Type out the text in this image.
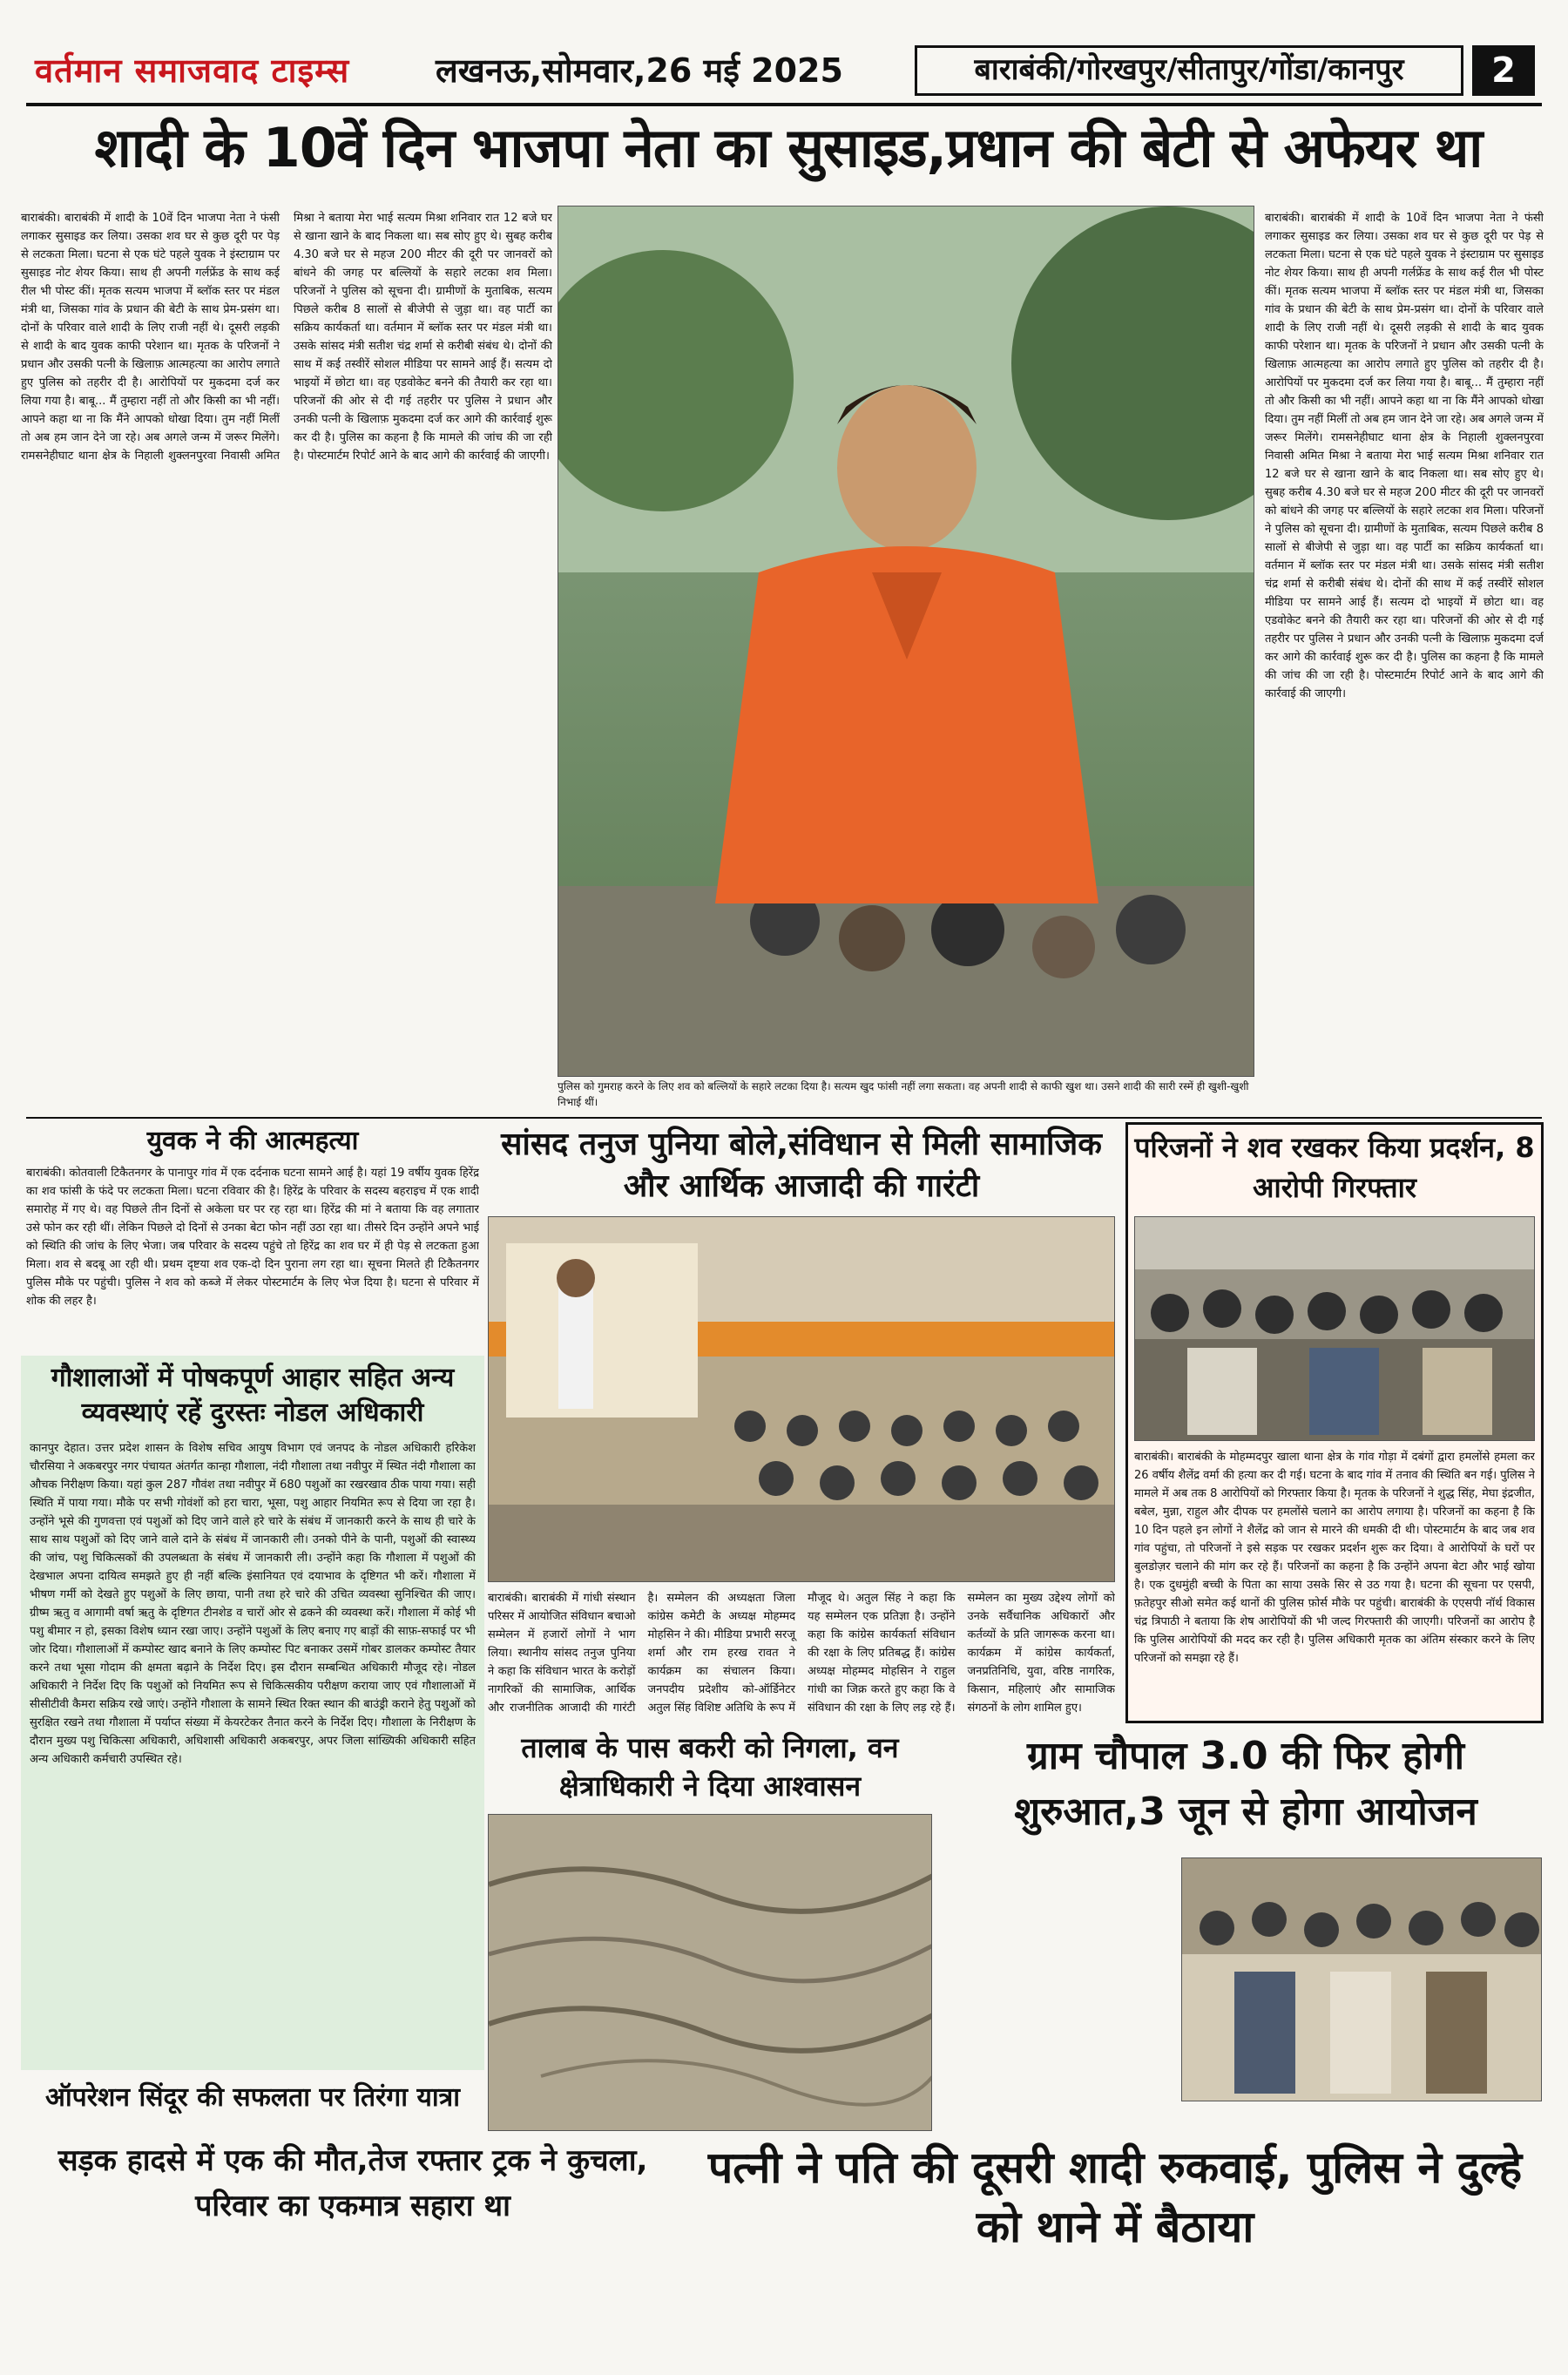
वर्तमान समाजवाद टाइम्स	लखनऊ,सोमवार,26 मई 2025	बाराबंकी/गोरखपुर/सीतापुर/गोंडा/कानपुर	2
शादी के 10वें दिन भाजपा नेता का सुसाइड,प्रधान की बेटी से अफेयर था
बाराबंकी। बाराबंकी में शादी के 10वें दिन भाजपा नेता ने फंसी लगाकर सुसाइड कर लिया। उसका शव घर से कुछ दूरी पर पेड़ से लटकता मिला। घटना से एक घंटे पहले युवक ने इंस्टाग्राम पर सुसाइड नोट शेयर किया। साथ ही अपनी गर्लफ्रेंड के साथ कई रील भी पोस्ट कीं। मृतक सत्यम भाजपा में ब्लॉक स्तर पर मंडल मंत्री था, जिसका गांव के प्रधान की बेटी के साथ प्रेम-प्रसंग था। दोनों के परिवार वाले शादी के लिए राजी नहीं थे। दूसरी लड़की से शादी के बाद युवक काफी परेशान था। मृतक के परिजनों ने प्रधान और उसकी पत्नी के खिलाफ़ आत्महत्या का आरोप लगाते हुए पुलिस को तहरीर दी है। आरोपियों पर मुकदमा दर्ज कर लिया गया है। बाबू... मैं तुम्हारा नहीं तो और किसी का भी नहीं। आपने कहा था ना कि मैंने आपको धोखा दिया। तुम नहीं मिलीं तो अब हम जान देने जा रहे। अब अगले जन्म में जरूर मिलेंगे। रामसनेहीघाट थाना क्षेत्र के निहाली शुक्लनपुरवा निवासी अमित मिश्रा ने बताया मेरा भाई सत्यम मिश्रा शनिवार रात 12 बजे घर से खाना खाने के बाद निकला था। सब सोए हुए थे। सुबह करीब 4.30 बजे घर से महज 200 मीटर की दूरी पर जानवरों को बांधने की जगह पर बल्लियों के सहारे लटका शव मिला। परिजनों ने पुलिस को सूचना दी। ग्रामीणों के मुताबिक, सत्यम पिछले करीब 8 सालों से बीजेपी से जुड़ा था। वह पार्टी का सक्रिय कार्यकर्ता था। वर्तमान में ब्लॉक स्तर पर मंडल मंत्री था। उसके सांसद मंत्री सतीश चंद्र शर्मा से करीबी संबंध थे। दोनों की साथ में कई तस्वीरें सोशल मीडिया पर सामने आई हैं। सत्यम दो भाइयों में छोटा था। वह एडवोकेट बनने की तैयारी कर रहा था। परिजनों की ओर से दी गई तहरीर पर पुलिस ने प्रधान और उनकी पत्नी के खिलाफ़ मुकदमा दर्ज कर आगे की कार्रवाई शुरू कर दी है। पुलिस का कहना है कि मामले की जांच की जा रही है। पोस्टमार्टम रिपोर्ट आने के बाद आगे की कार्रवाई की जाएगी।
पुलिस को गुमराह करने के लिए शव को बल्लियों के सहारे लटका दिया है। सत्यम खुद फांसी नहीं लगा सकता। वह अपनी शादी से काफी खुश था। उसने शादी की सारी रस्में ही खुशी-खुशी निभाई थीं।
बाराबंकी। बाराबंकी में शादी के 10वें दिन भाजपा नेता ने फंसी लगाकर सुसाइड कर लिया। उसका शव घर से कुछ दूरी पर पेड़ से लटकता मिला। घटना से एक घंटे पहले युवक ने इंस्टाग्राम पर सुसाइड नोट शेयर किया। साथ ही अपनी गर्लफ्रेंड के साथ कई रील भी पोस्ट कीं। मृतक सत्यम भाजपा में ब्लॉक स्तर पर मंडल मंत्री था, जिसका गांव के प्रधान की बेटी के साथ प्रेम-प्रसंग था। दोनों के परिवार वाले शादी के लिए राजी नहीं थे। दूसरी लड़की से शादी के बाद युवक काफी परेशान था। मृतक के परिजनों ने प्रधान और उसकी पत्नी के खिलाफ़ आत्महत्या का आरोप लगाते हुए पुलिस को तहरीर दी है। आरोपियों पर मुकदमा दर्ज कर लिया गया है। बाबू... मैं तुम्हारा नहीं तो और किसी का भी नहीं। आपने कहा था ना कि मैंने आपको धोखा दिया। तुम नहीं मिलीं तो अब हम जान देने जा रहे। अब अगले जन्म में जरूर मिलेंगे। रामसनेहीघाट थाना क्षेत्र के निहाली शुक्लनपुरवा निवासी अमित मिश्रा ने बताया मेरा भाई सत्यम मिश्रा शनिवार रात 12 बजे घर से खाना खाने के बाद निकला था। सब सोए हुए थे। सुबह करीब 4.30 बजे घर से महज 200 मीटर की दूरी पर जानवरों को बांधने की जगह पर बल्लियों के सहारे लटका शव मिला। परिजनों ने पुलिस को सूचना दी। ग्रामीणों के मुताबिक, सत्यम पिछले करीब 8 सालों से बीजेपी से जुड़ा था। वह पार्टी का सक्रिय कार्यकर्ता था। वर्तमान में ब्लॉक स्तर पर मंडल मंत्री था। उसके सांसद मंत्री सतीश चंद्र शर्मा से करीबी संबंध थे। दोनों की साथ में कई तस्वीरें सोशल मीडिया पर सामने आई हैं। सत्यम दो भाइयों में छोटा था। वह एडवोकेट बनने की तैयारी कर रहा था। परिजनों की ओर से दी गई तहरीर पर पुलिस ने प्रधान और उनकी पत्नी के खिलाफ़ मुकदमा दर्ज कर आगे की कार्रवाई शुरू कर दी है। पुलिस का कहना है कि मामले की जांच की जा रही है। पोस्टमार्टम रिपोर्ट आने के बाद आगे की कार्रवाई की जाएगी।
युवक ने की आत्महत्या
बाराबंकी। कोतवाली टिकैतनगर के पानापुर गांव में एक दर्दनाक घटना सामने आई है। यहां 19 वर्षीय युवक हिरेंद्र का शव फांसी के फंदे पर लटकता मिला। घटना रविवार की है। हिरेंद्र के परिवार के सदस्य बहराइच में एक शादी समारोह में गए थे। वह पिछले तीन दिनों से अकेला घर पर रह रहा था। हिरेंद्र की मां ने बताया कि वह लगातार उसे फोन कर रही थीं। लेकिन पिछले दो दिनों से उनका बेटा फोन नहीं उठा रहा था। तीसरे दिन उन्होंने अपने भाई को स्थिति की जांच के लिए भेजा। जब परिवार के सदस्य पहुंचे तो हिरेंद्र का शव घर में ही पेड़ से लटकता हुआ मिला। शव से बदबू आ रही थी। प्रथम दृष्टया शव एक-दो दिन पुराना लग रहा था। सूचना मिलते ही टिकैतनगर पुलिस मौके पर पहुंची। पुलिस ने शव को कब्जे में लेकर पोस्टमार्टम के लिए भेज दिया है। घटना से परिवार में शोक की लहर है।
गौशालाओं में पोषकपूर्ण आहार सहित अन्य व्यवस्थाएं रहें दुरस्तः नोडल अधिकारी
कानपुर देहात। उत्तर प्रदेश शासन के विशेष सचिव आयुष विभाग एवं जनपद के नोडल अधिकारी हरिकेश चौरसिया ने अकबरपुर नगर पंचायत अंतर्गत कान्हा गौशाला, नंदी गौशाला तथा नवीपुर में स्थित नंदी गौशाला का औचक निरीक्षण किया। यहां कुल 287 गौवंश तथा नवीपुर में 680 पशुओं का रखरखाव ठीक पाया गया। सही स्थिति में पाया गया। मौके पर सभी गोवंशों को हरा चारा, भूसा, पशु आहार नियमित रूप से दिया जा रहा है। उन्होंने भूसे की गुणवत्ता एवं पशुओं को दिए जाने वाले हरे चारे के संबंध में जानकारी करने के साथ ही चारे के साथ साथ पशुओं को दिए जाने वाले दाने के संबंध में जानकारी ली। उनको पीने के पानी, पशुओं की स्वास्थ्य की जांच, पशु चिकित्सकों की उपलब्धता के संबंध में जानकारी ली। उन्होंने कहा कि गौशाला में पशुओं की देखभाल अपना दायित्व समझते हुए ही नहीं बल्कि इंसानियत एवं दयाभाव के दृष्टिगत भी करें। गौशाला में भीषण गर्मी को देखते हुए पशुओं के लिए छाया, पानी तथा हरे चारे की उचित व्यवस्था सुनिश्चित की जाए। ग्रीष्म ऋतु व आगामी वर्षा ऋतु के दृष्टिगत टीनशेड व चारों ओर से ढकने की व्यवस्था करें। गौशाला में कोई भी पशु बीमार न हो, इसका विशेष ध्यान रखा जाए। उन्होंने पशुओं के लिए बनाए गए बाड़ों की साफ़-सफाई पर भी जोर दिया। गौशालाओं में कम्पोस्ट खाद बनाने के लिए कम्पोस्ट पिट बनाकर उसमें गोबर डालकर कम्पोस्ट तैयार करने तथा भूसा गोदाम की क्षमता बढ़ाने के निर्देश दिए। इस दौरान सम्बन्धित अधिकारी मौजूद रहे। नोडल अधिकारी ने निर्देश दिए कि पशुओं को नियमित रूप से चिकित्सकीय परीक्षण कराया जाए एवं गौशालाओं में सीसीटीवी कैमरा सक्रिय रखे जाएं। उन्होंने गौशाला के सामने स्थित रिक्त स्थान की बाउंड्री कराने हेतु पशुओं को सुरक्षित रखने तथा गौशाला में पर्याप्त संख्या में केयरटेकर तैनात करने के निर्देश दिए। गौशाला के निरीक्षण के दौरान मुख्य पशु चिकित्सा अधिकारी, अधिशासी अधिकारी अकबरपुर, अपर जिला सांख्यिकी अधिकारी सहित अन्य अधिकारी कर्मचारी उपस्थित रहे।
ऑपरेशन सिंदूर की सफलता पर तिरंगा यात्रा
सांसद तनुज पुनिया बोले,संविधान से मिली सामाजिक और आर्थिक आजादी की गारंटी
बाराबंकी। बाराबंकी में गांधी संस्थान परिसर में आयोजित संविधान बचाओ सम्मेलन में हजारों लोगों ने भाग लिया। स्थानीय सांसद तनुज पुनिया ने कहा कि संविधान भारत के करोड़ों नागरिकों की सामाजिक, आर्थिक और राजनीतिक आजादी की गारंटी है। सम्मेलन की अध्यक्षता जिला कांग्रेस कमेटी के अध्यक्ष मोहम्मद मोहसिन ने की। मीडिया प्रभारी सरजू शर्मा और राम हरख रावत ने कार्यक्रम का संचालन किया। जनपदीय प्रदेशीय को-ऑर्डिनेटर अतुल सिंह विशिष्ट अतिथि के रूप में मौजूद थे। अतुल सिंह ने कहा कि यह सम्मेलन एक प्रतिज्ञा है। उन्होंने कहा कि कांग्रेस कार्यकर्ता संविधान की रक्षा के लिए प्रतिबद्ध हैं। कांग्रेस अध्यक्ष मोहम्मद मोहसिन ने राहुल गांधी का जिक्र करते हुए कहा कि वे संविधान की रक्षा के लिए लड़ रहे हैं। सम्मेलन का मुख्य उद्देश्य लोगों को उनके सर्वैधानिक अधिकारों और कर्तव्यों के प्रति जागरूक करना था। कार्यक्रम में कांग्रेस कार्यकर्ता, जनप्रतिनिधि, युवा, वरिष्ठ नागरिक, किसान, महिलाएं और सामाजिक संगठनों के लोग शामिल हुए।
परिजनों ने शव रखकर किया प्रदर्शन, 8 आरोपी गिरफ्तार
बाराबंकी। बाराबंकी के मोहम्मदपुर खाला थाना क्षेत्र के गांव गोड़ा में दबंगों द्वारा हमलोंसे हमला कर 26 वर्षीय शैलेंद्र वर्मा की हत्या कर दी गई। घटना के बाद गांव में तनाव की स्थिति बन गई। पुलिस ने मामले में अब तक 8 आरोपियों को गिरफ्तार किया है। मृतक के परिजनों ने शुद्ध सिंह, मेघा इंद्रजीत, बबेल, मुन्ना, राहुल और दीपक पर हमलोंसे चलाने का आरोप लगाया है। परिजनों का कहना है कि 10 दिन पहले इन लोगों ने शैलेंद्र को जान से मारने की धमकी दी थी। पोस्टमार्टम के बाद जब शव गांव पहुंचा, तो परिजनों ने इसे सड़क पर रखकर प्रदर्शन शुरू कर दिया। वे आरोपियों के घरों पर बुलडोज़र चलाने की मांग कर रहे हैं। परिजनों का कहना है कि उन्होंने अपना बेटा और भाई खोया है। एक दुधमुंही बच्ची के पिता का साया उसके सिर से उठ गया है। घटना की सूचना पर एसपी, फ़तेहपुर सीओ समेत कई थानों की पुलिस फ़ोर्स मौके पर पहुंची। बाराबंकी के एएसपी नॉर्थ विकास चंद्र त्रिपाठी ने बताया कि शेष आरोपियों की भी जल्द गिरफ्तारी की जाएगी। परिजनों का आरोप है कि पुलिस आरोपियों की मदद कर रही है। पुलिस अधिकारी मृतक का अंतिम संस्कार करने के लिए परिजनों को समझा रहे हैं।
तालाब के पास बकरी को निगला, वन क्षेत्राधिकारी ने दिया आश्वासन
ग्राम चौपाल 3.0 की फिर होगी शुरुआत,3 जून से होगा आयोजन
सड़क हादसे में एक की मौत,तेज रफ्तार ट्रक ने कुचला, परिवार का एकमात्र सहारा था
पत्नी ने पति की दूसरी शादी रुकवाई, पुलिस ने दुल्हे को थाने में बैठाया
